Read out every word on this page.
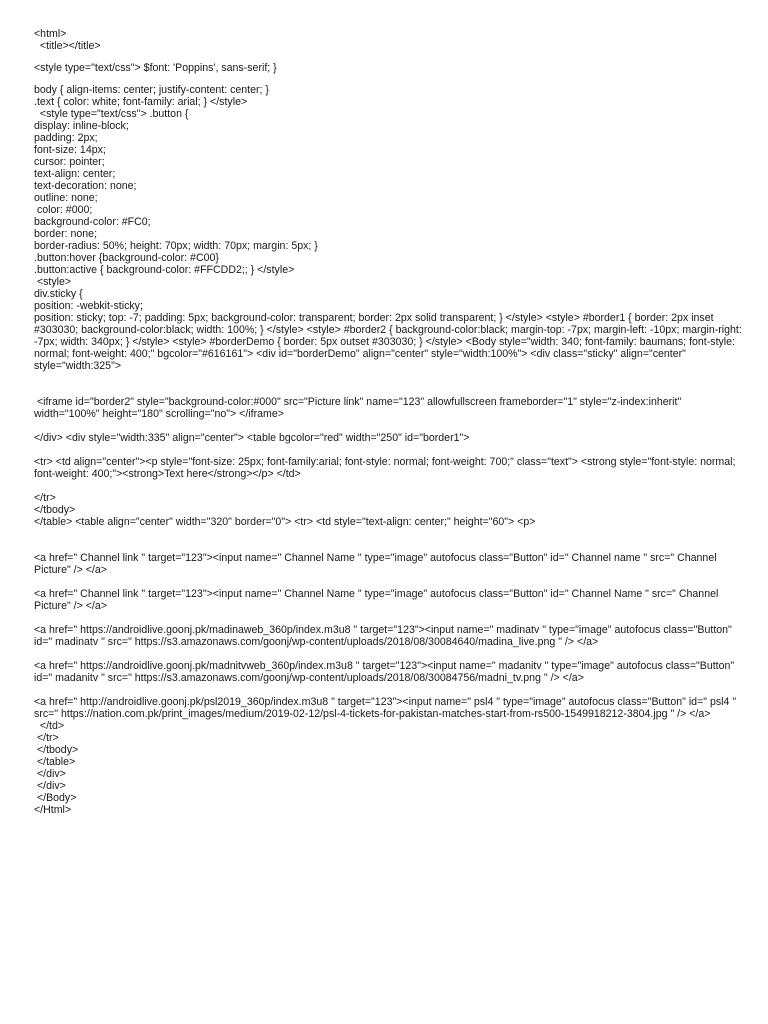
<html>
<title></title>
<style type="text/css"> $font: 'Poppins', sans-serif; }
body { align-items: center; justify-content: center; }
.text { color: white; font-family: arial; } </style>
<style type="text/css"> .button {
display: inline-block;
padding: 2px;
font-size: 14px;
cursor: pointer;
text-align: center;
text-decoration: none;
outline: none;
color: #000;
background-color: #FC0;
border: none;
border-radius: 50%; height: 70px; width: 70px; margin: 5px; }
.button:hover {background-color: #C00}
.button:active { background-color: #FFCDD2;; } </style>
<style>
div.sticky {
position: -webkit-sticky;
position: sticky; top: -7; padding: 5px; background-color: transparent; border: 2px solid transparent; } </style> <style> #border1 { border: 2px inset #303030; background-color:black; width: 100%; } </style> <style> #border2 { background-color:black; margin-top: -7px; margin-left: -10px; margin-right: -7px; width: 340px; } </style> <style> #borderDemo { border: 5px outset #303030; } </style> <Body style="width: 340; font-family: baumans; font-style: normal; font-weight: 400;" bgcolor="#616161"> <div id="borderDemo" align="center" style="width:100%"> <div class="sticky" align="center" style="width:325">
<iframe id="border2" style="background-color:#000" src="Picture link" name="123" allowfullscreen frameborder="1" style="z-index:inherit" width="100%" height="180" scrolling="no"> </iframe>
</div> <div style="width:335" align="center"> <table bgcolor="red" width="250" id="border1">
<tr> <td align="center"><p style="font-size: 25px; font-family:arial; font-style: normal; font-weight: 700;" class="text"> <strong style="font-style: normal; font-weight: 400;"><strong>Text here</strong></p> </td>
</tr>
</tbody>
</table> <table align="center" width="320" border="0"> <tr> <td style="text-align: center;" height="60"> <p>
<a href=" Channel link " target="123"><input name=" Channel Name " type="image" autofocus class="Button" id=" Channel name " src=" Channel Picture" /> </a>
<a href=" Channel link " target="123"><input name=" Channel Name " type="image" autofocus class="Button" id=" Channel Name " src=" Channel Picture" /> </a>
<a href=" https://androidlive.goonj.pk/madinaweb_360p/index.m3u8 " target="123"><input name=" madinatv " type="image" autofocus class="Button" id=" madinatv " src=" https://s3.amazonaws.com/goonj/wp-content/uploads/2018/08/30084640/madina_live.png " /> </a>
<a href=" https://androidlive.goonj.pk/madnitvweb_360p/index.m3u8 " target="123"><input name=" madanitv " type="image" autofocus class="Button" id=" madanitv " src=" https://s3.amazonaws.com/goonj/wp-content/uploads/2018/08/30084756/madni_tv.png " /> </a>
<a href=" http://androidlive.goonj.pk/psl2019_360p/index.m3u8 " target="123"><input name=" psl4 " type="image" autofocus class="Button" id=" psl4 " src=" https://nation.com.pk/print_images/medium/2019-02-12/psl-4-tickets-for-pakistan-matches-start-from-rs500-1549918212-3804.jpg " /> </a>
</td>
</tr>
</tbody>
</table>
</div>
</div>
</Body>
</Html>
